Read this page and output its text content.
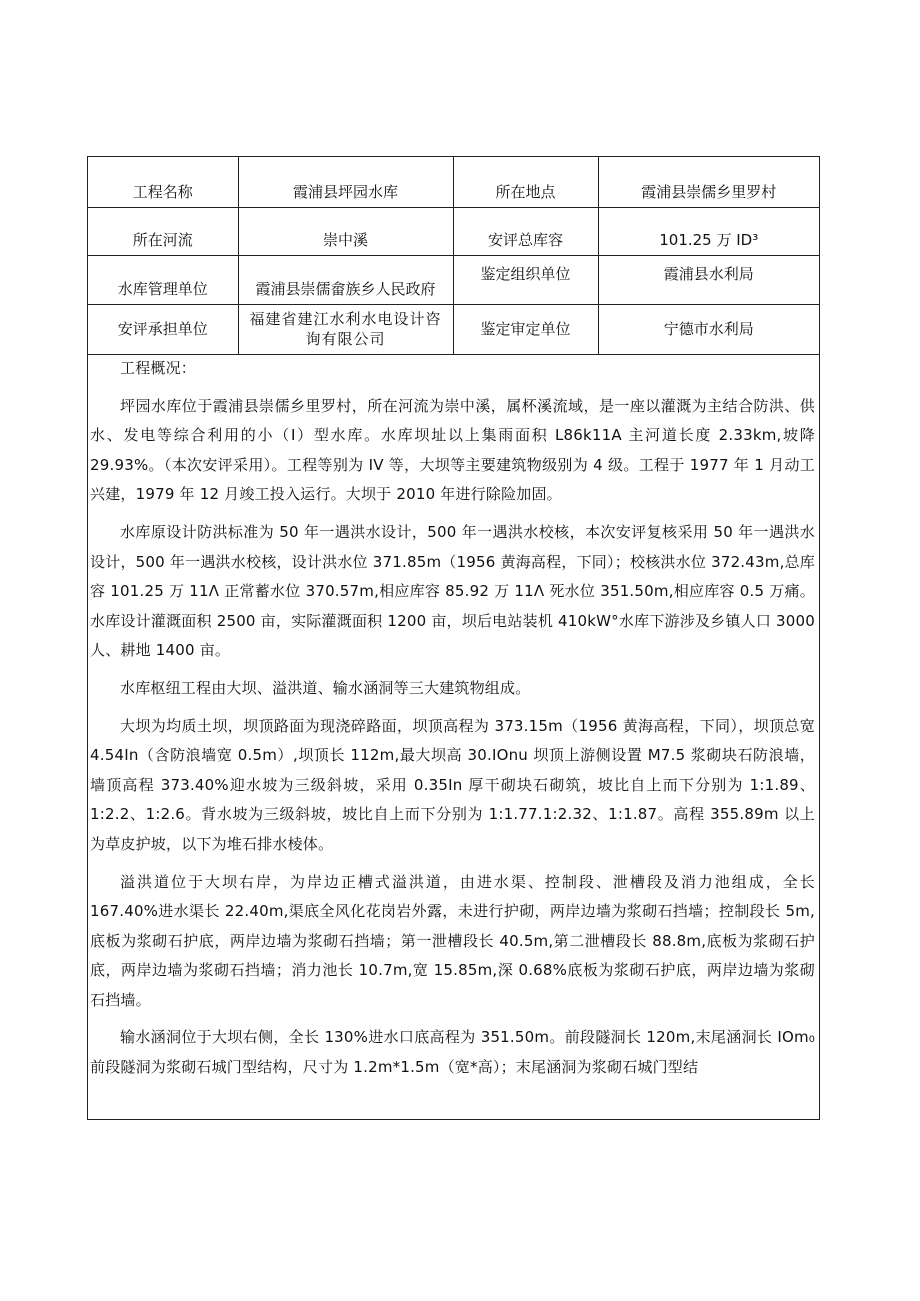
工程名称	霞浦县坪园水库	所在地点	霞浦县崇儒乡里罗村
所在河流	崇中溪	安评总库容	101.25 万 ID³
水库管理单位	霞浦县崇儒畲族乡人民政府	鉴定组织单位	霞浦县水利局
安评承担单位	福建省建江水利水电设计咨询有限公司	鉴定审定单位	宁德市水利局

工程概况：

坪园水库位于霞浦县崇儒乡里罗村，所在河流为崇中溪，属杯溪流域，是一座以灌溉为主结合防洪、供水、发电等综合利用的小（I）型水库。水库坝址以上集雨面积 L86k11A 主河道长度 2.33km,坡降 29.93%。（本次安评采用）。工程等别为 IV 等，大坝等主要建筑物级别为 4 级。工程于 1977 年 1 月动工兴建，1979 年 12 月竣工投入运行。大坝于 2010 年进行除险加固。

水库原设计防洪标准为 50 年一遇洪水设计，500 年一遇洪水校核，本次安评复核采用 50 年一遇洪水设计，500 年一遇洪水校核，设计洪水位 371.85m（1956 黄海高程，下同）；校核洪水位 372.43m,总库容 101.25 万 11Λ 正常蓄水位 370.57m,相应库容 85.92 万 11Λ 死水位 351.50m,相应库容 0.5 万痛。水库设计灌溉面积 2500 亩，实际灌溉面积 1200 亩，坝后电站装机 410kW°水库下游涉及乡镇人口 3000 人、耕地 1400 亩。

水库枢纽工程由大坝、溢洪道、输水涵洞等三大建筑物组成。

大坝为均质土坝，坝顶路面为现浇碎路面，坝顶高程为 373.15m（1956 黄海高程，下同），坝顶总宽 4.54In（含防浪墙宽 0.5m）,坝顶长 112m,最大坝高 30.IOnu 坝顶上游侧设置 M7.5 浆砌块石防浪墙，墙顶高程 373.40%迎水坡为三级斜坡，采用 0.35In 厚干砌块石砌筑，坡比自上而下分别为 1:1.89、1:2.2、1:2.6。背水坡为三级斜坡，坡比自上而下分别为 1:1.77.1:2.32、1:1.87。高程 355.89m 以上为草皮护坡，以下为堆石排水棱体。

溢洪道位于大坝右岸，为岸边正槽式溢洪道，由进水渠、控制段、泄槽段及消力池组成，全长 167.40%进水渠长 22.40m,渠底全风化花岗岩外露，未进行护砌，两岸边墙为浆砌石挡墙；控制段长 5m,底板为浆砌石护底，两岸边墙为浆砌石挡墙；第一泄槽段长 40.5m,第二泄槽段长 88.8m,底板为浆砌石护底，两岸边墙为浆砌石挡墙；消力池长 10.7m,宽 15.85m,深 0.68%底板为浆砌石护底，两岸边墙为浆砌石挡墙。

输水涵洞位于大坝右侧，全长 130%进水口底高程为 351.50m。前段隧洞长 120m,末尾涵洞长 IOm₀前段隧洞为浆砌石城门型结构，尺寸为 1.2m*1.5m（宽*高）；末尾涵洞为浆砌石城门型结
